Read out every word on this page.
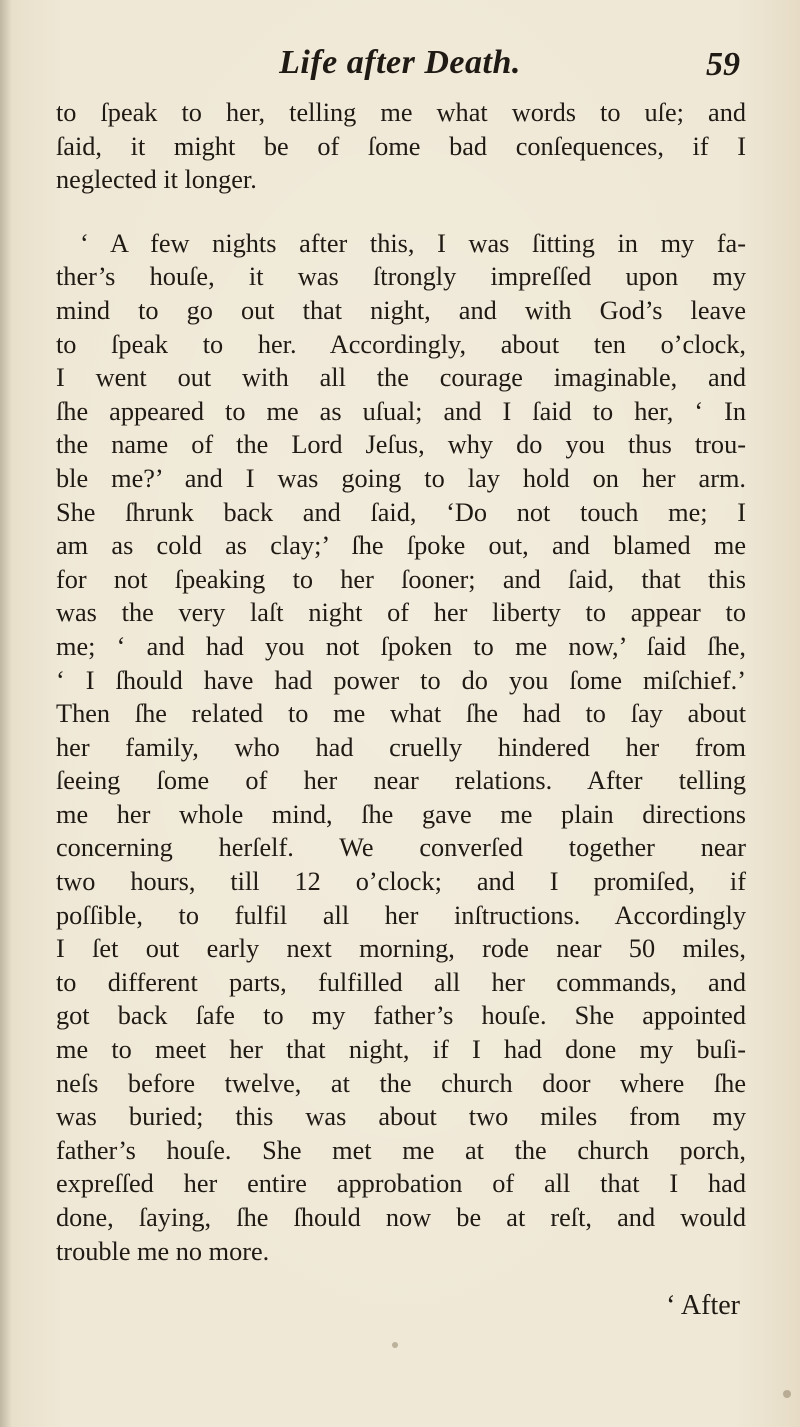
Life after Death.	59
to ſpeak to her, telling me what words to uſe; and
ſaid, it might be of ſome bad conſequences, if I
neglected it longer.
‘ A few nights after this, I was ſitting in my fa-
ther’s houſe, it was ſtrongly impreſſed upon my
mind to go out that night, and with God’s leave
to ſpeak to her. Accordingly, about ten o’clock,
I went out with all the courage imaginable, and
ſhe appeared to me as uſual; and I ſaid to her, ‘ In
the name of the Lord Jeſus, why do you thus trou-
ble me?’ and I was going to lay hold on her arm.
She ſhrunk back and ſaid, ‘Do not touch me; I
am as cold as clay;’ ſhe ſpoke out, and blamed me
for not ſpeaking to her ſooner; and ſaid, that this
was the very laſt night of her liberty to appear to
me; ‘ and had you not ſpoken to me now,’ ſaid ſhe,
‘ I ſhould have had power to do you ſome miſchief.’
Then ſhe related to me what ſhe had to ſay about
her family, who had cruelly hindered her from
ſeeing ſome of her near relations. After telling
me her whole mind, ſhe gave me plain directions
concerning herſelf. We converſed together near
two hours, till 12 o’clock; and I promiſed, if
poſſible, to fulfil all her inſtructions. Accordingly
I ſet out early next morning, rode near 50 miles,
to different parts, fulfilled all her commands, and
got back ſafe to my father’s houſe. She appointed
me to meet her that night, if I had done my buſi-
neſs before twelve, at the church door where ſhe
was buried; this was about two miles from my
father’s houſe. She met me at the church porch,
expreſſed her entire approbation of all that I had
done, ſaying, ſhe ſhould now be at reſt, and would
trouble me no more.
‘ After
